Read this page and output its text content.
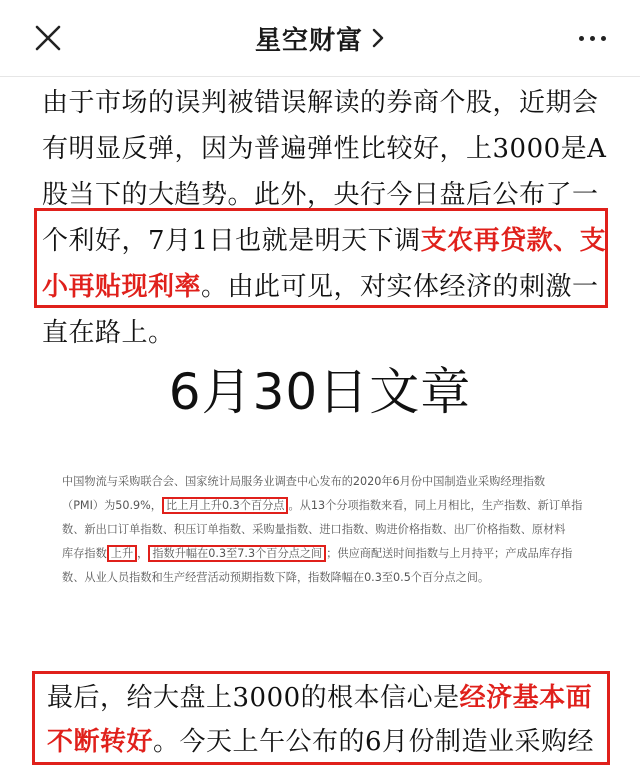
星空财富
由于市场的误判被错误解读的券商个股，近期会
有明显反弹，因为普遍弹性比较好，上3000是A
股当下的大趋势。此外，央行今日盘后公布了一
个利好，7月1日也就是明天下调支农再贷款、支
小再贴现利率。由此可见，对实体经济的刺激一
直在路上。
6月30日文章
中国物流与采购联合会、国家统计局服务业调查中心发布的2020年6月份中国制造业采购经理指数
（PMI）为50.9%， 比上月上升0.3个百分点 。从13个分项指数来看，同上月相比，生产指数、新订单指
数、新出口订单指数、积压订单指数、采购量指数、进口指数、购进价格指数、出厂价格指数、原材料
库存指数 上升 ， 指数升幅在0.3至7.3个百分点之间 ；供应商配送时间指数与上月持平；产成品库存指
数、从业人员指数和生产经营活动预期指数下降，指数降幅在0.3至0.5个百分点之间。
最后，给大盘上3000的根本信心是经济基本面
不断转好。今天上午公布的6月份制造业采购经
